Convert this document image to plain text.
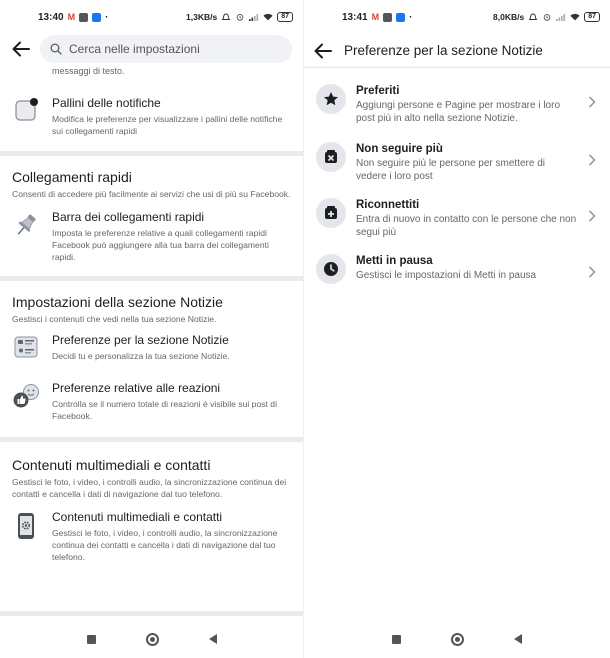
13:40 M	·	1,3KB/s	87
Cerca nelle impostazioni
messaggi di testo.
Pallini delle notifiche
Modifica le preferenze per visualizzare i pallini delle notifiche sui collegamenti rapidi
Collegamenti rapidi

Consenti di accedere più facilmente ai servizi che usi di più su Facebook.

Barra dei collegamenti rapidi
Imposta le preferenze relative a quali collegamenti rapidi Facebook può aggiungere alla tua barra dei collegamenti rapidi.
Impostazioni della sezione Notizie

Gestisci i contenuti che vedi nella tua sezione Notizie.

Preferenze per la sezione Notizie
Decidi tu e personalizza la tua sezione Notizie.
Preferenze relative alle reazioni
Controlla se il numero totale di reazioni è visibile sui post di Facebook.
Contenuti multimediali e contatti

Gestisci le foto, i video, i controlli audio, la sincronizzazione continua dei contatti e cancella i dati di navigazione dal tuo telefono.

Contenuti multimediali e contatti
Gestisci le foto, i video, i controlli audio, la sincronizzazione continua dei contatti e cancella i dati di navigazione dal tuo telefono.
13:41 M	·	8,0KB/s	87
Preferenze per la sezione Notizie
Preferiti
Aggiungi persone e Pagine per mostrare i loro post più in alto nella sezione Notizie.
Non seguire più
Non seguire più le persone per smettere di vedere i loro post
Riconnettiti
Entra di nuovo in contatto con le persone che non segui più
Metti in pausa
Gestisci le impostazioni di Metti in pausa
